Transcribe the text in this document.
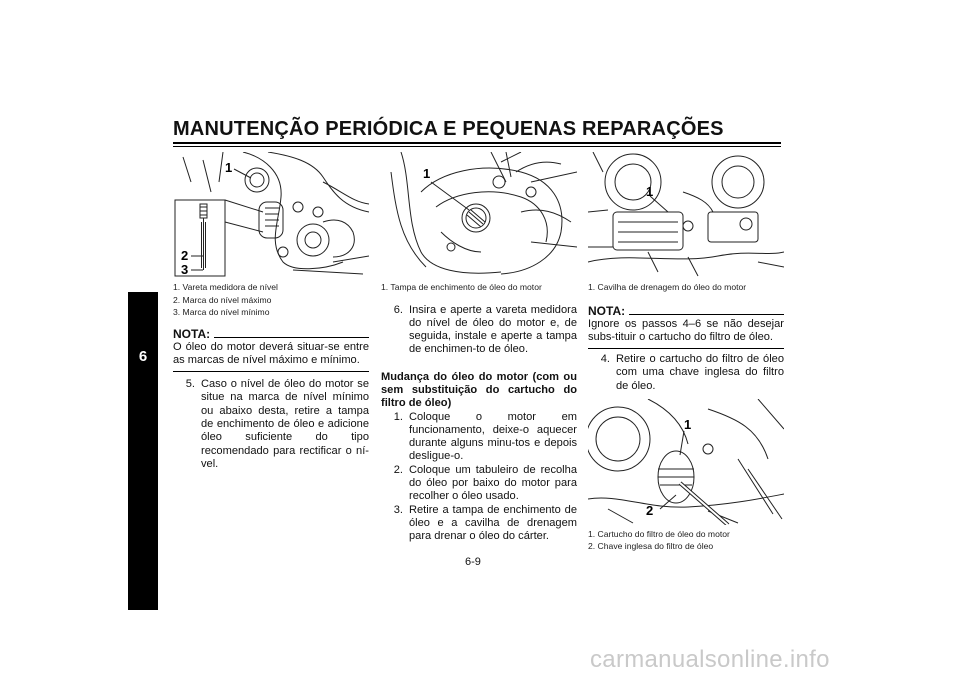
MANUTENÇÃO PERIÓDICA E PEQUENAS REPARAÇÕES
6
1
2
3
1. Vareta medidora de nível
2. Marca do nível máximo
3. Marca do nível mínimo
NOTA:
O óleo do motor deverá situar-se entre as marcas de nível máximo e mínimo.
5. Caso o nível de óleo do motor se situe na marca de nível mínimo ou abaixo desta, retire a tampa de enchimento de óleo e adicione óleo suficiente do tipo recomendado para rectificar o ní-vel.
1
1. Tampa de enchimento de óleo do motor
6. Insira e aperte a vareta medidora do nível de óleo do motor e, de seguida, instale e aperte a tampa de enchimen-to de óleo.
Mudança do óleo do motor (com ou sem substituição do cartucho do filtro de óleo)
1. Coloque o motor em funcionamento, deixe-o aquecer durante alguns minu-tos e depois desligue-o.
2. Coloque um tabuleiro de recolha do óleo por baixo do motor para recolher o óleo usado.
3. Retire a tampa de enchimento de óleo e a cavilha de drenagem para drenar o óleo do cárter.
1
1. Cavilha de drenagem do óleo do motor
NOTA:
Ignore os passos 4–6 se não desejar subs-tituir o cartucho do filtro de óleo.
4. Retire o cartucho do filtro de óleo com uma chave inglesa do filtro de óleo.
1
2
1. Cartucho do filtro de óleo do motor
2. Chave inglesa do filtro de óleo
6-9
carmanualsonline.info
